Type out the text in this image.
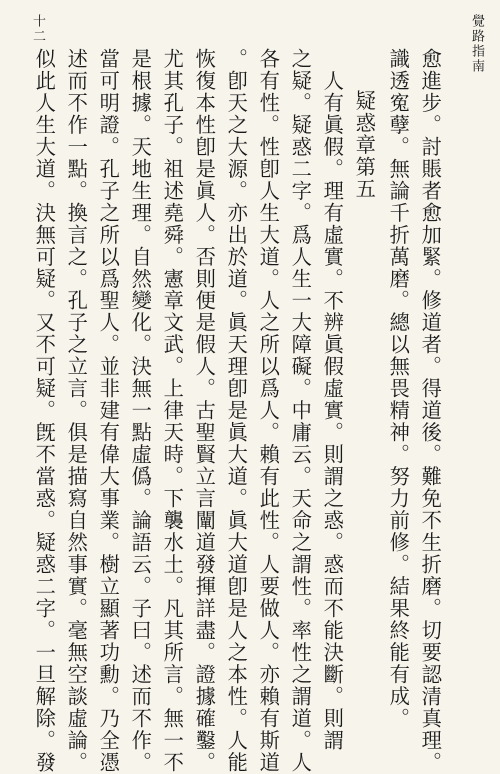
覺路指南
十二
愈進步。討賬者愈加緊。修道者。得道後。難免不生折磨。切要認清真理。
識透寃孽。無論千折萬磨。總以無畏精神。努力前修。結果終能有成。
疑惑章第五
人有眞假。理有虛實。不辨眞假虛實。則謂之惑。惑而不能決斷。則謂
之疑。疑惑二字。爲人生一大障礙。中庸云。天命之謂性。率性之謂道。人
各有性。性卽人生大道。人之所以爲人。賴有此性。人要做人。亦賴有斯道
。卽天之大源。亦出於道。眞天理卽是眞大道。眞大道卽是人之本性。人能
恢復本性卽是眞人。否則便是假人。古聖賢立言闡道發揮詳盡。證據確鑿。
尤其孔子。祖述堯舜。憲章文武。上律天時。下襲水土。凡其所言。無一不
是根據。天地生理。自然變化。決無一點虛僞。論語云。子曰。述而不作。
當可明證。孔子之所以爲聖人。並非建有偉大事業。樹立顯著功勳。乃全憑
述而不作一點。換言之。孔子之立言。俱是描寫自然事實。毫無空談虛論。
似此人生大道。決無可疑。又不可疑。旣不當惑。疑惑二字。一旦解除。發
